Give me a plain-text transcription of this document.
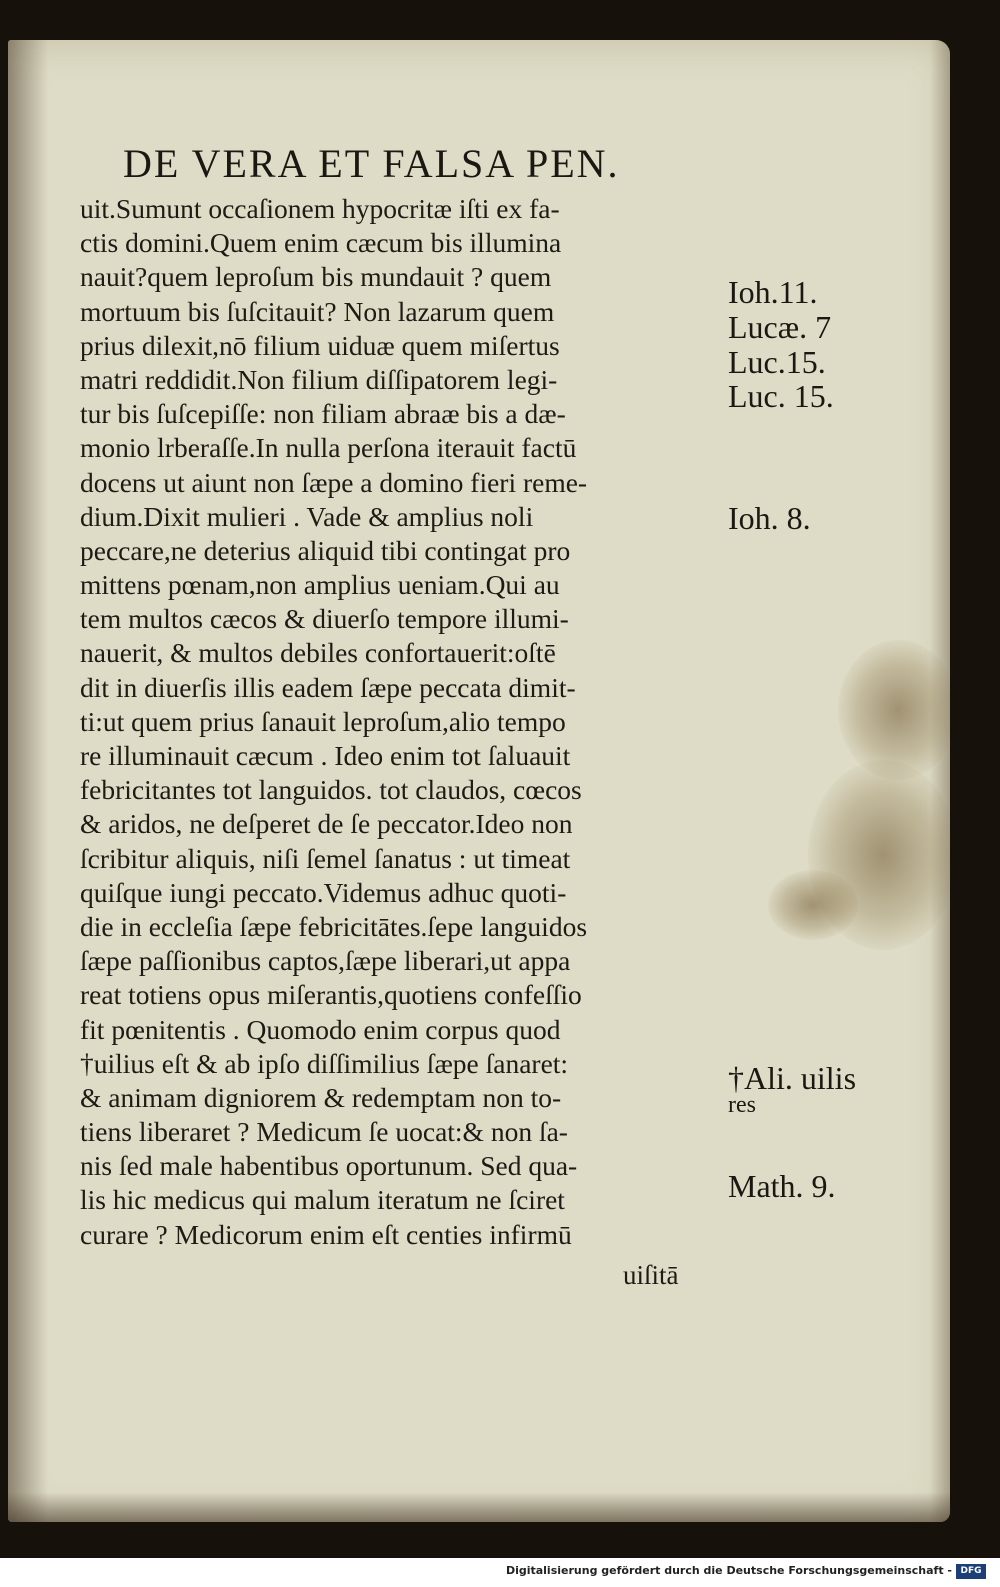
DE VERA ET FALSA PEN.
uit.Sumunt occaſionem hypocritæ iſti ex fa-
ctis domini.Quem enim cæcum bis illumina
nauit?quem leproſum bis mundauit ? quem
mortuum bis ſuſcitauit? Non lazarum quem
prius dilexit,nō filium uiduæ quem miſertus
matri reddidit.Non filium diſſipatorem legi-
tur bis ſuſcepiſſe: non filiam abraæ bis a dæ-
monio lrberaſſe.In nulla perſona iterauit factū
docens ut aiunt non ſæpe a domino fieri reme-
dium.Dixit mulieri . Vade & amplius noli
peccare,ne deterius aliquid tibi contingat pro
mittens pœnam,non amplius ueniam.Qui au
tem multos cæcos & diuerſo tempore illumi-
nauerit, & multos debiles confortauerit:oſtē
dit in diuerſis illis eadem ſæpe peccata dimit-
ti:ut quem prius ſanauit leproſum,alio tempo
re illuminauit cæcum . Ideo enim tot ſaluauit
febricitantes tot languidos. tot claudos, cœcos
& aridos, ne deſperet de ſe peccator.Ideo non
ſcribitur aliquis, niſi ſemel ſanatus : ut timeat
quiſque iungi peccato.Videmus adhuc quoti-
die in eccleſia ſæpe febricitātes.ſepe languidos
ſæpe paſſionibus captos,ſæpe liberari,ut appa
reat totiens opus miſerantis,quotiens confeſſio
fit pœnitentis . Quomodo enim corpus quod
†uilius eſt & ab ipſo diſſimilius ſæpe ſanaret:
& animam digniorem & redemptam non to-
tiens liberaret ? Medicum ſe uocat:& non ſa-
nis ſed male habentibus oportunum. Sed qua-
lis hic medicus qui malum iteratum ne ſciret
curare ? Medicorum enim eſt centies infirmū
uiſitā
Ioh.11.
Lucæ. 7
Luc.15.
Luc. 15.
Ioh. 8.
†Ali. uilis
res
Math. 9.
Digitalisierung gefördert durch die Deutsche Forschungsgemeinschaft - DFG
